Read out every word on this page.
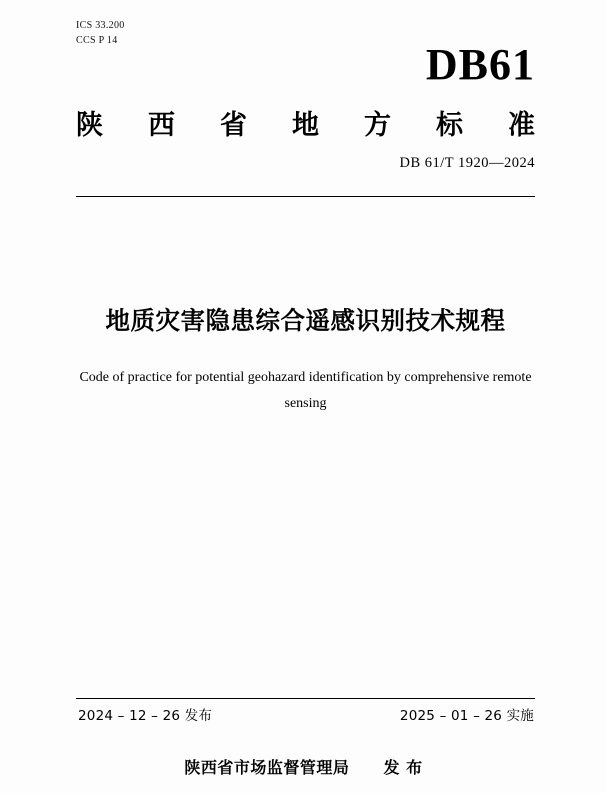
ICS 33.200
CCS P 14	DB61
陕 西 省 地 方 标 准
DB 61/T 1920—2024
地质灾害隐患综合遥感识别技术规程
Code of practice for potential geohazard identification by comprehensive remote sensing
2024 – 12 – 26 发布	2025 – 01 – 26 实施
陕西省市场监督管理局 发 布
